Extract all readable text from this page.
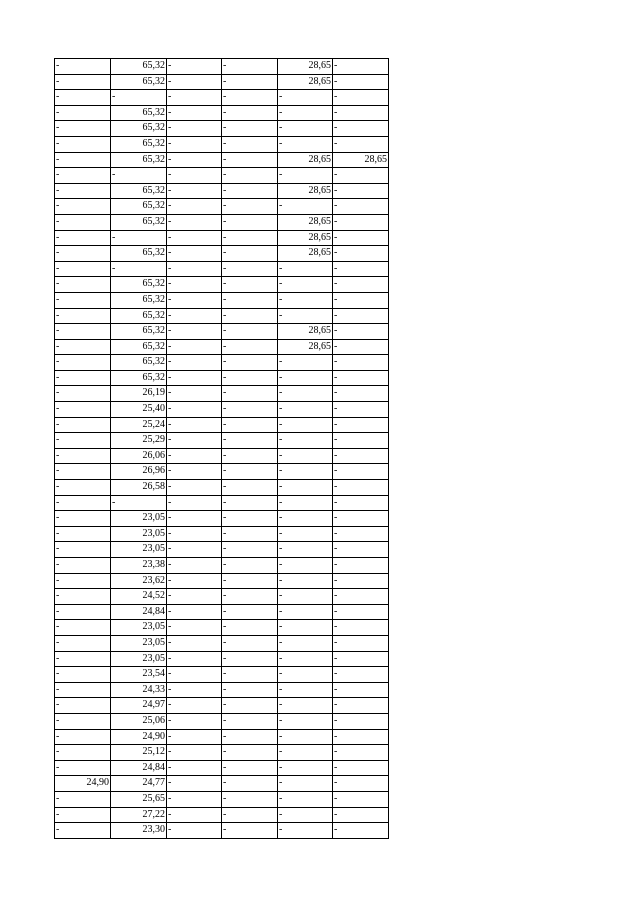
-	65,32	-	-	28,65	-
-	65,32	-	-	28,65	-
-	-	-	-	-	-
-	65,32	-	-	-	-
-	65,32	-	-	-	-
-	65,32	-	-	-	-
-	65,32	-	-	28,65	28,65
-	-	-	-	-	-
-	65,32	-	-	28,65	-
-	65,32	-	-	-	-
-	65,32	-	-	28,65	-
-	-	-	-	28,65	-
-	65,32	-	-	28,65	-
-	-	-	-	-	-
-	65,32	-	-	-	-
-	65,32	-	-	-	-
-	65,32	-	-	-	-
-	65,32	-	-	28,65	-
-	65,32	-	-	28,65	-
-	65,32	-	-	-	-
-	65,32	-	-	-	-
-	26,19	-	-	-	-
-	25,40	-	-	-	-
-	25,24	-	-	-	-
-	25,29	-	-	-	-
-	26,06	-	-	-	-
-	26,96	-	-	-	-
-	26,58	-	-	-	-
-	-	-	-	-	-
-	23,05	-	-	-	-
-	23,05	-	-	-	-
-	23,05	-	-	-	-
-	23,38	-	-	-	-
-	23,62	-	-	-	-
-	24,52	-	-	-	-
-	24,84	-	-	-	-
-	23,05	-	-	-	-
-	23,05	-	-	-	-
-	23,05	-	-	-	-
-	23,54	-	-	-	-
-	24,33	-	-	-	-
-	24,97	-	-	-	-
-	25,06	-	-	-	-
-	24,90	-	-	-	-
-	25,12	-	-	-	-
-	24,84	-	-	-	-
24,90	24,77	-	-	-	-
-	25,65	-	-	-	-
-	27,22	-	-	-	-
-	23,30	-	-	-	-
